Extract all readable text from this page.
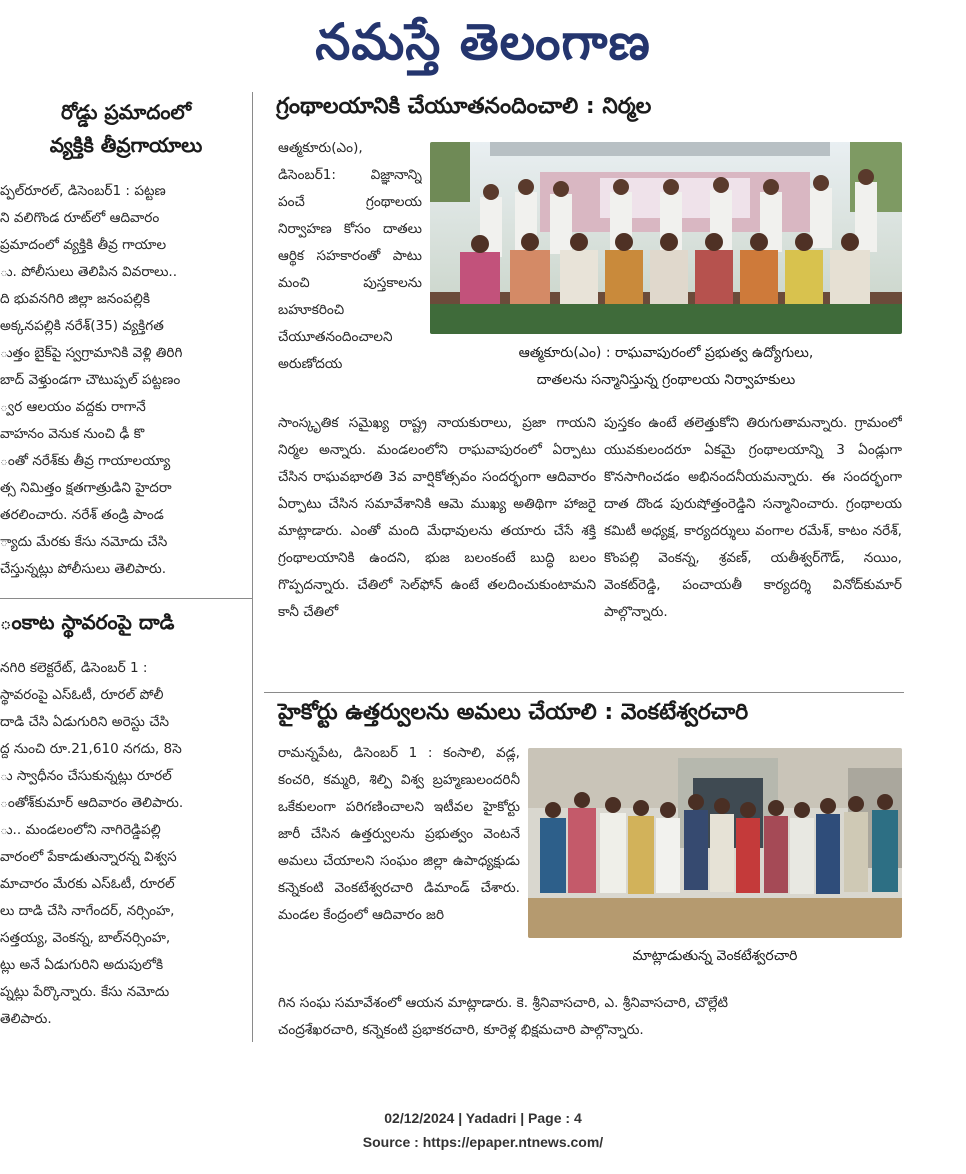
నమస్తే తెలంగాణ
రోడ్డు ప్రమాదంలో
వ్యక్తికి తీవ్రగాయాలు
ప్పల్‌రూరల్, డిసెంబర్1 : పట్టణ
ని వలిగొండ రూట్‌లో ఆదివారం
ప్రమాదంలో వ్యక్తికి తీవ్ర గాయాల
ు. పోలీసులు తెలిపిన వివరాలు..
ది భువనగిరి జిల్లా జనంపల్లికి
అక్కనపల్లికి నరేశ్(35) వ్యక్తిగత
ుత్తం బైక్‌పై స్వగ్రామానికి వెళ్లి తిరిగి
బాద్ వెళ్తుండగా చౌటుప్పల్ పట్టణం
్వర ఆలయం వద్దకు రాగానే
వాహనం వెనుక నుంచి ఢీ కొ
ంతో నరేశ్‌కు తీవ్ర గాయాలయ్యా
త్స నిమిత్తం క్షతగాత్రుడిని హైదరా
తరలించారు. నరేశ్ తండ్రి పాండ
్యాదు మేరకు కేసు నమోదు చేసి
చేస్తున్నట్లు పోలీసులు తెలిపారు.
ంకాట స్థావరంపై దాడి
నగిరి కలెక్టరేట్, డిసెంబర్ 1 :
స్థావరంపై ఎస్ఓటీ, రూరల్ పోలీ
దాడి చేసి ఏడుగురిని అరెస్టు చేసి
ద్ద నుంచి రూ.21,610 నగదు, 8సె
ు స్వాధీనం చేసుకున్నట్లు రూరల్
ంతోశ్‌కుమార్ ఆదివారం తెలిపారు.
ు.. మండలంలోని నాగిరెడ్డిపల్లి
వారంలో పేకాడుతున్నారన్న విశ్వస
మాచారం మేరకు ఎస్ఓటీ, రూరల్
లు దాడి చేసి నాగేందర్, నర్సింహ,
సత్తయ్య, వెంకన్న, బాల్‌నర్సింహ,
ట్లు అనే ఏడుగురిని అదుపులోకి
ప్నట్లు పేర్కొన్నారు. కేసు నమోదు
తెలిపారు.
గ్రంథాలయానికి చేయూతనందించాలి : నిర్మల

ఆత్మకూరు(ఎం), డిసెంబర్1: విజ్ఞానాన్ని పంచే గ్రంథాలయ నిర్వాహణ కోసం దాతలు ఆర్థిక సహకారంతో పాటు మంచి పుస్తకాలను బహూకరించి చేయూతనందించాలని అరుణోదయ

ఆత్మకూరు(ఎం) : రాఘవాపురంలో ప్రభుత్వ ఉద్యోగులు,
దాతలను సన్మానిస్తున్న గ్రంథాలయ నిర్వాహకులు

సాంస్కృతిక సమైఖ్య రాష్ట్ర నాయకురాలు, ప్రజా గాయని నిర్మల అన్నారు. మండలంలోని రాఘవాపురంలో ఏర్పాటు చేసిన రాఘవభారతి 3వ వార్షికోత్సవం సందర్భంగా ఆదివారం ఏర్పాటు చేసిన సమావేశానికి ఆమె ముఖ్య అతిథిగా హాజరై మాట్లాడారు. ఎంతో మంది మేధావులను తయారు చేసే శక్తి గ్రంథాలయానికి ఉందని, భుజ బలంకంటే బుద్ధి బలం గొప్పదన్నారు. చేతిలో సెల్‌ఫోన్ ఉంటే తలదించుకుంటామని కానీ చేతిలో

పుస్తకం ఉంటే తలెత్తుకోని తిరుగుతామన్నారు. గ్రామంలో యువకులందరూ ఏకమై గ్రంథాలయాన్ని 3 ఏండ్లుగా కొనసాగించడం అభినందనీయమన్నారు. ఈ సందర్భంగా దాత దొండ పురుషోత్తంరెడ్డిని సన్మానించారు. గ్రంథాలయ కమిటీ అధ్యక్ష, కార్యదర్శులు వంగాల రమేశ్, కాటం నరేశ్, కొంపల్లి వెంకన్న, శ్రవణ్, యతీశ్వర్‌గౌడ్, నయిం, వెంకట్‌రెడ్డి, పంచాయతీ కార్యదర్శి వినోద్‌కుమార్ పాల్గొన్నారు.

హైకోర్టు ఉత్తర్వులను అమలు చేయాలి : వెంకటేశ్వరచారి

రామన్నపేట, డిసెంబర్ 1 : కంసాలి, వడ్ల, కంచరి, కమ్మరి, శిల్పి విశ్వ బ్రహ్మణులందరినీ ఒకేకులంగా పరిగణించాలని ఇటీవల హైకోర్టు జారీ చేసిన ఉత్తర్వులను ప్రభుత్వం వెంటనే అమలు చేయాలని సంఘం జిల్లా ఉపాధ్యక్షుడు కన్నెకంటి వెంకటేశ్వరచారి డిమాండ్ చేశారు. మండల కేంద్రంలో ఆదివారం జరి

మాట్లాడుతున్న వెంకటేశ్వరచారి
గిన సంఘ సమావేశంలో ఆయన మాట్లాడారు. కె. శ్రీనివాసచారి, ఎ. శ్రీనివాసచారి, చొల్లేటి
చంద్రశేఖరచారి, కన్నెకంటి ప్రభాకరచారి, కూరెళ్ల భిక్షమచారి పాల్గొన్నారు.
02/12/2024 | Yadadri | Page : 4
Source : https://epaper.ntnews.com/
